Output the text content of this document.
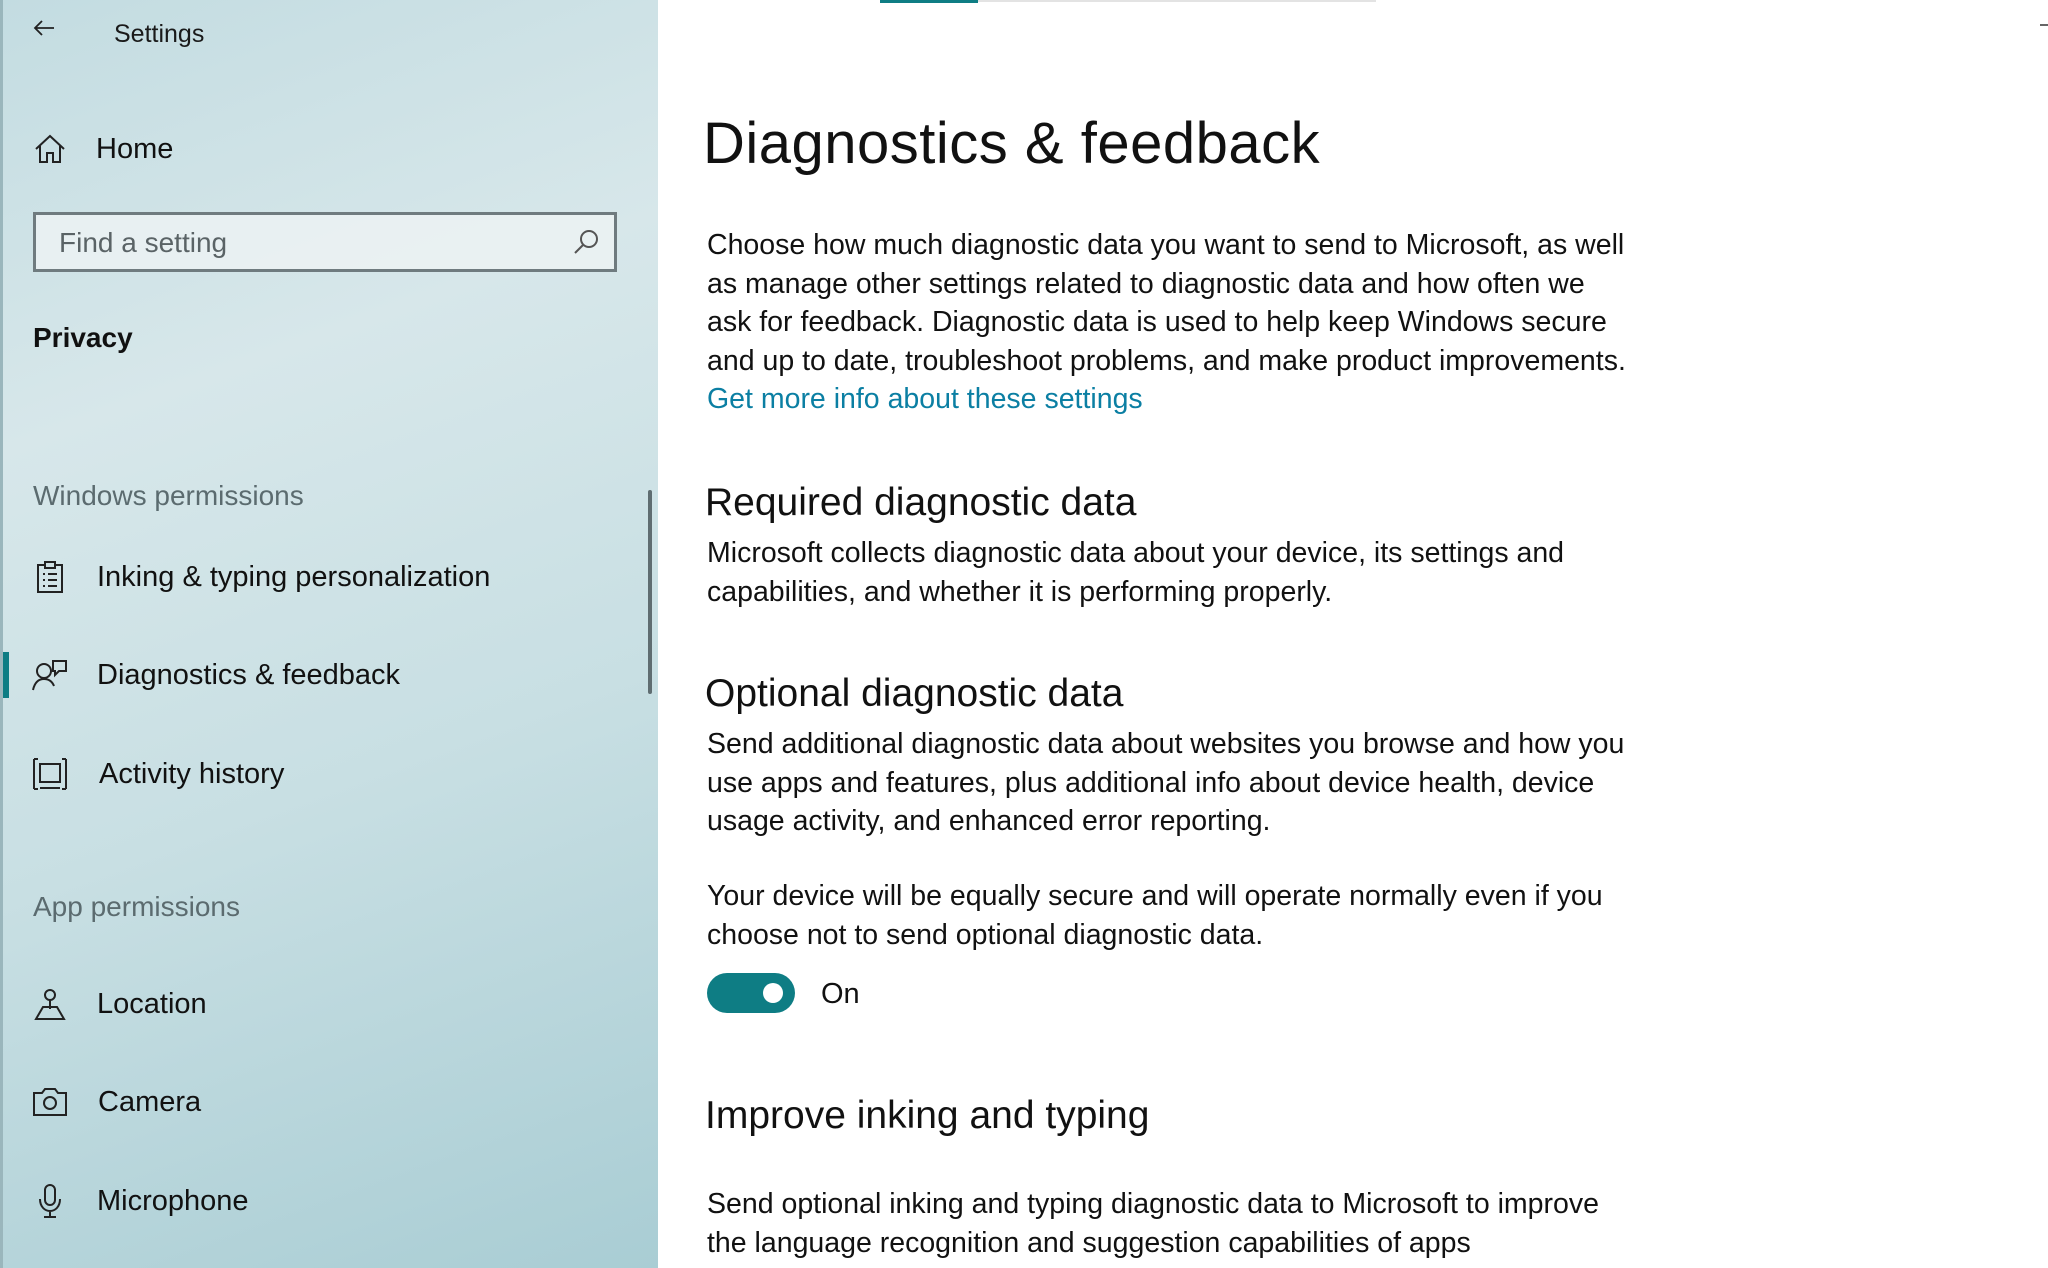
Settings
Home
Find a setting
Privacy
Windows permissions
Inking & typing personalization
Diagnostics & feedback
Activity history
App permissions
Location
Camera
Microphone
Diagnostics & feedback

Choose how much diagnostic data you want to send to Microsoft, as well as manage other settings related to diagnostic data and how often we ask for feedback. Diagnostic data is used to help keep Windows secure and up to date, troubleshoot problems, and make product improvements. Get more info about these settings

Required diagnostic data

Microsoft collects diagnostic data about your device, its settings and capabilities, and whether it is performing properly.

Optional diagnostic data

Send additional diagnostic data about websites you browse and how you use apps and features, plus additional info about device health, device usage activity, and enhanced error reporting.

Your device will be equally secure and will operate normally even if you choose not to send optional diagnostic data.

On
Improve inking and typing

Send optional inking and typing diagnostic data to Microsoft to improve the language recognition and suggestion capabilities of apps
